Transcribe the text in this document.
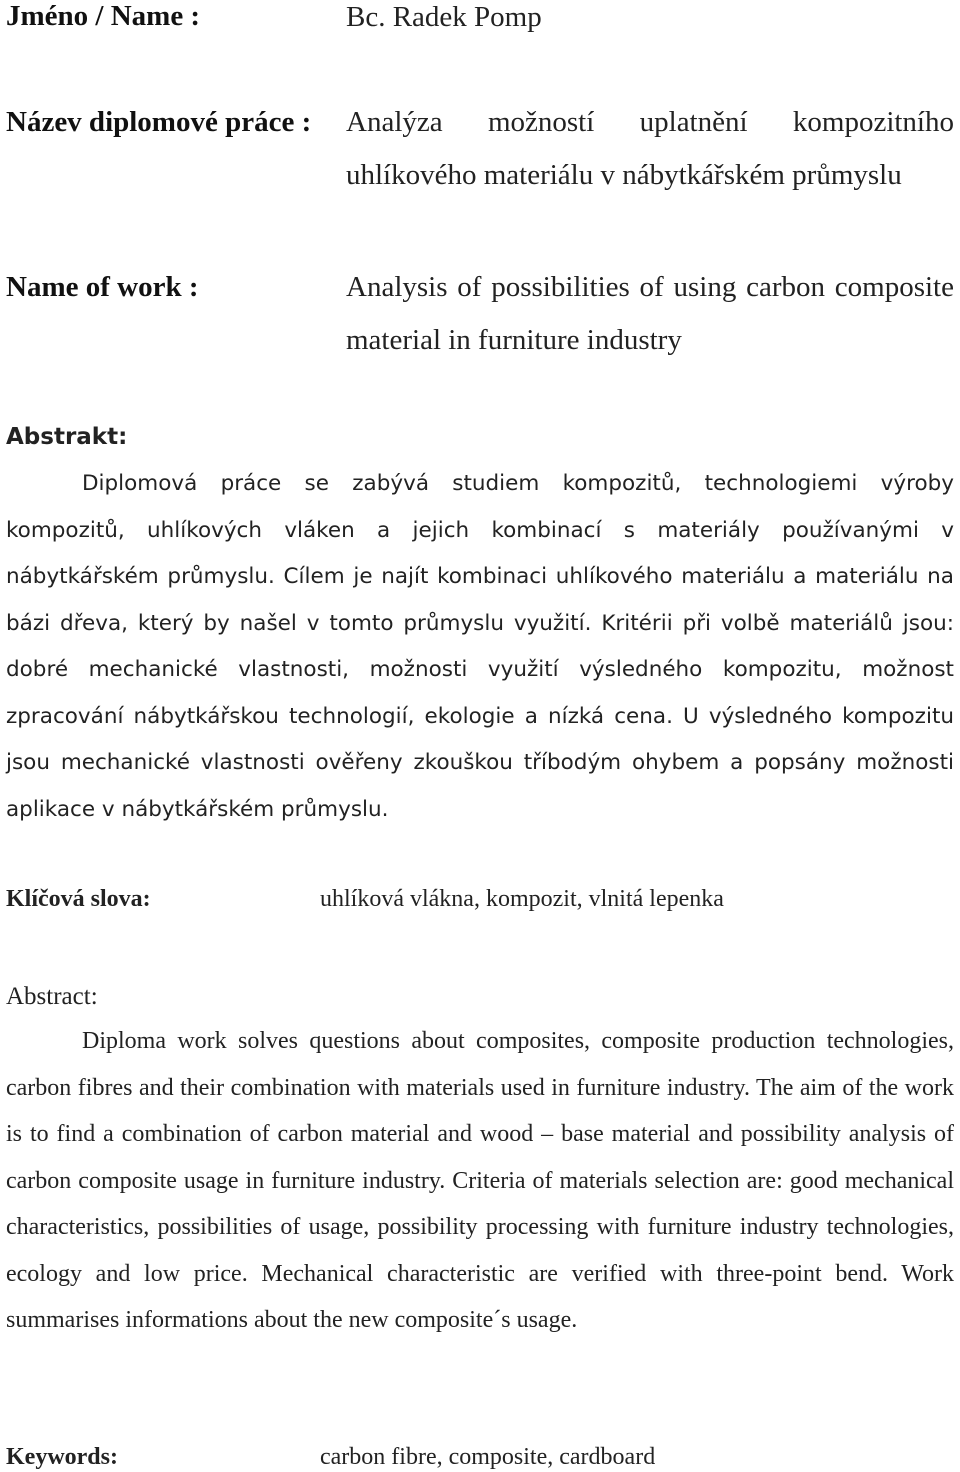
Jméno / Name :	Bc. Radek Pomp
Název diplomové práce : Analýza možností uplatnění kompozitního uhlíkového materiálu v nábytkářském průmyslu
Name of work :	Analysis of possibilities of using carbon composite material in furniture industry
Abstrakt:
Diplomová práce se zabývá studiem kompozitů, technologiemi výroby kompozitů, uhlíkových vláken a jejich kombinací s materiály používanými v nábytkářském průmyslu. Cílem je najít kombinaci uhlíkového materiálu a materiálu na bázi dřeva, který by našel v tomto průmyslu využití. Kritérii při volbě materiálů jsou: dobré mechanické vlastnosti, možnosti využití výsledného kompozitu, možnost zpracování nábytkářskou technologií, ekologie a nízká cena. U výsledného kompozitu jsou mechanické vlastnosti ověřeny zkouškou tříbodým ohybem a popsány možnosti aplikace v nábytkářském průmyslu.
Klíčová slova:	uhlíková vlákna, kompozit, vlnitá lepenka
Abstract:
Diploma work solves questions about composites, composite production technologies, carbon fibres and their combination with materials used in furniture industry. The aim of the work is to find a combination of carbon material and wood – base material and possibility analysis of carbon composite usage in furniture industry. Criteria of materials selection are: good mechanical characteristics, possibilities of usage, possibility processing with furniture industry technologies, ecology and low price. Mechanical characteristic are verified with three-point bend. Work summarises informations about the new composite´s usage.
Keywords:	carbon fibre, composite, cardboard
